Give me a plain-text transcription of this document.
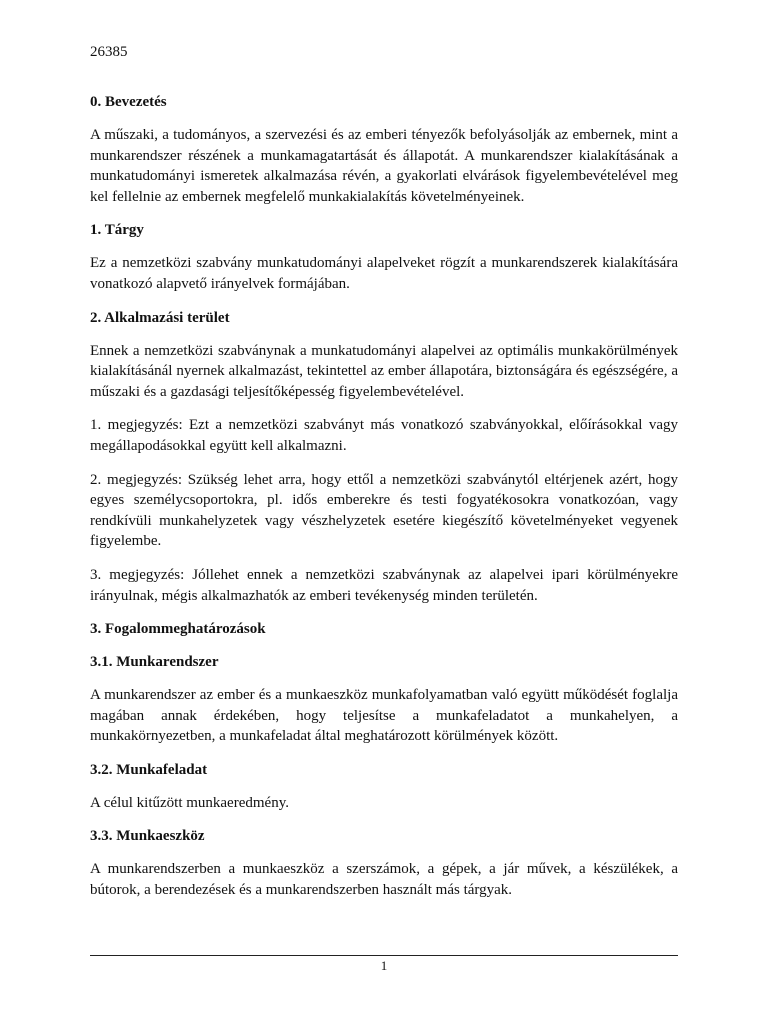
26385

0. Bevezetés

A műszaki, a tudományos, a szervezési és az emberi tényezők befolyásolják az embernek, mint a munkarendszer részének a munkamagatartását és állapotát. A munkarendszer kialakításának a munkatudományi ismeretek alkalmazása révén, a gyakorlati elvárások figyelembevételével meg kel fellelnie az embernek megfelelő munkakialakítás követelményeinek.

1. Tárgy

Ez a nemzetközi szabvány munkatudományi alapelveket rögzít a munkarendszerek kialakítására vonatkozó alapvető irányelvek formájában.

2. Alkalmazási terület

Ennek a nemzetközi szabványnak a munkatudományi alapelvei az optimális munkakörülmények kialakításánál nyernek alkalmazást, tekintettel az ember állapotára, biztonságára és egészségére, a műszaki és a gazdasági teljesítőképesség figyelembevételével.

1. megjegyzés: Ezt a nemzetközi szabványt más vonatkozó szabványokkal, előírásokkal vagy megállapodásokkal együtt kell alkalmazni.

2. megjegyzés: Szükség lehet arra, hogy ettől a nemzetközi szabványtól eltérjenek azért, hogy egyes személycsoportokra, pl. idős emberekre és testi fogyatékosokra vonatkozóan, vagy rendkívüli munkahelyzetek vagy vészhelyzetek esetére kiegészítő követelményeket vegyenek figyelembe.

3. megjegyzés: Jóllehet ennek a nemzetközi szabványnak az alapelvei ipari körülményekre irányulnak, mégis alkalmazhatók az emberi tevékenység minden területén.

3. Fogalommeghatározások

3.1. Munkarendszer

A munkarendszer az ember és a munkaeszköz munkafolyamatban való együtt működését foglalja magában annak érdekében, hogy teljesítse a munkafeladatot a munkahelyen, a munkakörnyezetben, a munkafeladat által meghatározott körülmények között.

3.2. Munkafeladat

A célul kitűzött munkaeredmény.

3.3. Munkaeszköz

A munkarendszerben a munkaeszköz a szerszámok, a gépek, a jár művek, a készülékek, a bútorok, a berendezések és a munkarendszerben használt más tárgyak.

1
